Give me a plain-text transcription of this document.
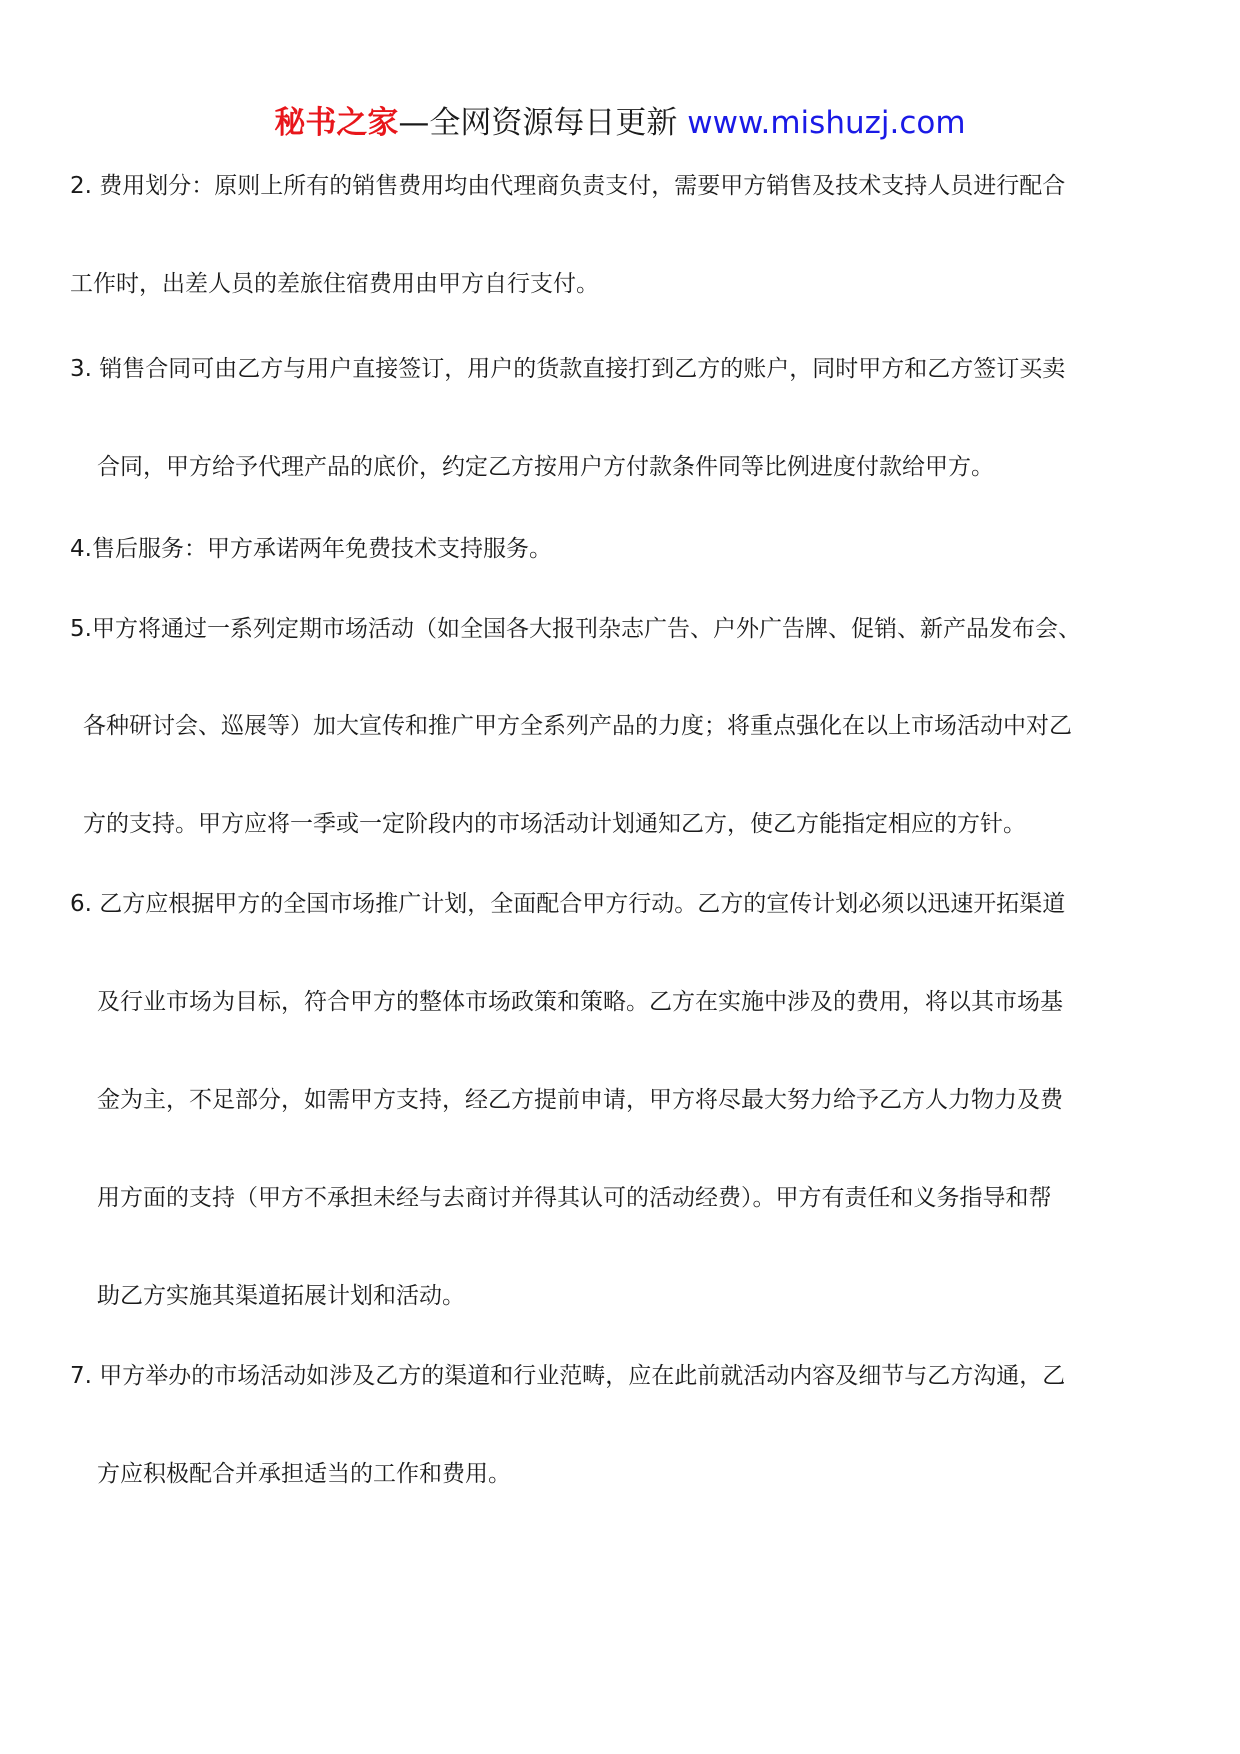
秘书之家—全网资源每日更新 www.mishuzj.com
2. 费用划分：原则上所有的销售费用均由代理商负责支付，需要甲方销售及技术支持人员进行配合
工作时，出差人员的差旅住宿费用由甲方自行支付。
3. 销售合同可由乙方与用户直接签订，用户的货款直接打到乙方的账户，同时甲方和乙方签订买卖
合同，甲方给予代理产品的底价，约定乙方按用户方付款条件同等比例进度付款给甲方。
4.售后服务：甲方承诺两年免费技术支持服务。
5.甲方将通过一系列定期市场活动（如全国各大报刊杂志广告、户外广告牌、促销、新产品发布会、
各种研讨会、巡展等）加大宣传和推广甲方全系列产品的力度；将重点强化在以上市场活动中对乙
方的支持。甲方应将一季或一定阶段内的市场活动计划通知乙方，使乙方能指定相应的方针。
6. 乙方应根据甲方的全国市场推广计划，全面配合甲方行动。乙方的宣传计划必须以迅速开拓渠道
及行业市场为目标，符合甲方的整体市场政策和策略。乙方在实施中涉及的费用，将以其市场基
金为主，不足部分，如需甲方支持，经乙方提前申请，甲方将尽最大努力给予乙方人力物力及费
用方面的支持（甲方不承担未经与去商讨并得其认可的活动经费）。甲方有责任和义务指导和帮
助乙方实施其渠道拓展计划和活动。
7. 甲方举办的市场活动如涉及乙方的渠道和行业范畴，应在此前就活动内容及细节与乙方沟通，乙
方应积极配合并承担适当的工作和费用。
